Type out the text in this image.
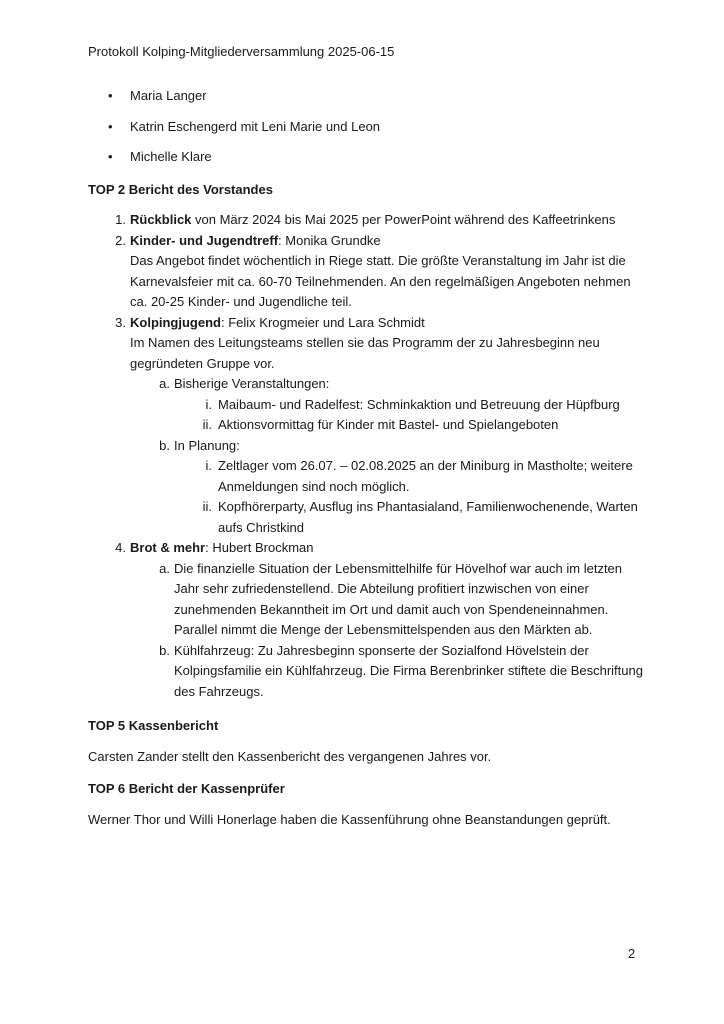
Protokoll Kolping-Mitgliederversammlung 2025-06-15
• Maria Langer
• Katrin Eschengerd mit Leni Marie und Leon
• Michelle Klare
TOP 2 Bericht des Vorstandes
1. Rückblick von März 2024 bis Mai 2025 per PowerPoint während des Kaffeetrinkens
2. Kinder- und Jugendtreff: Monika Grundke
Das Angebot findet wöchentlich in Riege statt. Die größte Veranstaltung im Jahr ist die Karnevalsfeier mit ca. 60-70 Teilnehmenden. An den regelmäßigen Angeboten nehmen ca. 20-25 Kinder- und Jugendliche teil.
3. Kolpingjugend: Felix Krogmeier und Lara Schmidt
Im Namen des Leitungsteams stellen sie das Programm der zu Jahresbeginn neu gegründeten Gruppe vor.
a. Bisherige Veranstaltungen:
i. Maibaum- und Radelfest: Schminkaktion und Betreuung der Hüpfburg
ii. Aktionsvormittag für Kinder mit Bastel- und Spielangeboten
b. In Planung:
i. Zeltlager vom 26.07. – 02.08.2025 an der Miniburg in Mastholte; weitere Anmeldungen sind noch möglich.
ii. Kopfhörerparty, Ausflug ins Phantasialand, Familienwochenende, Warten aufs Christkind
4. Brot & mehr: Hubert Brockman
a. Die finanzielle Situation der Lebensmittelhilfe für Hövelhof war auch im letzten Jahr sehr zufriedenstellend. Die Abteilung profitiert inzwischen von einer zunehmenden Bekanntheit im Ort und damit auch von Spendeneinnahmen. Parallel nimmt die Menge der Lebensmittelspenden aus den Märkten ab.
b. Kühlfahrzeug: Zu Jahresbeginn sponserte der Sozialfond Hövelstein der Kolpingsfamilie ein Kühlfahrzeug. Die Firma Berenbrinker stiftete die Beschriftung des Fahrzeugs.
TOP 5 Kassenbericht
Carsten Zander stellt den Kassenbericht des vergangenen Jahres vor.
TOP 6 Bericht der Kassenprüfer
Werner Thor und Willi Honerlage haben die Kassenführung ohne Beanstandungen geprüft.
2
